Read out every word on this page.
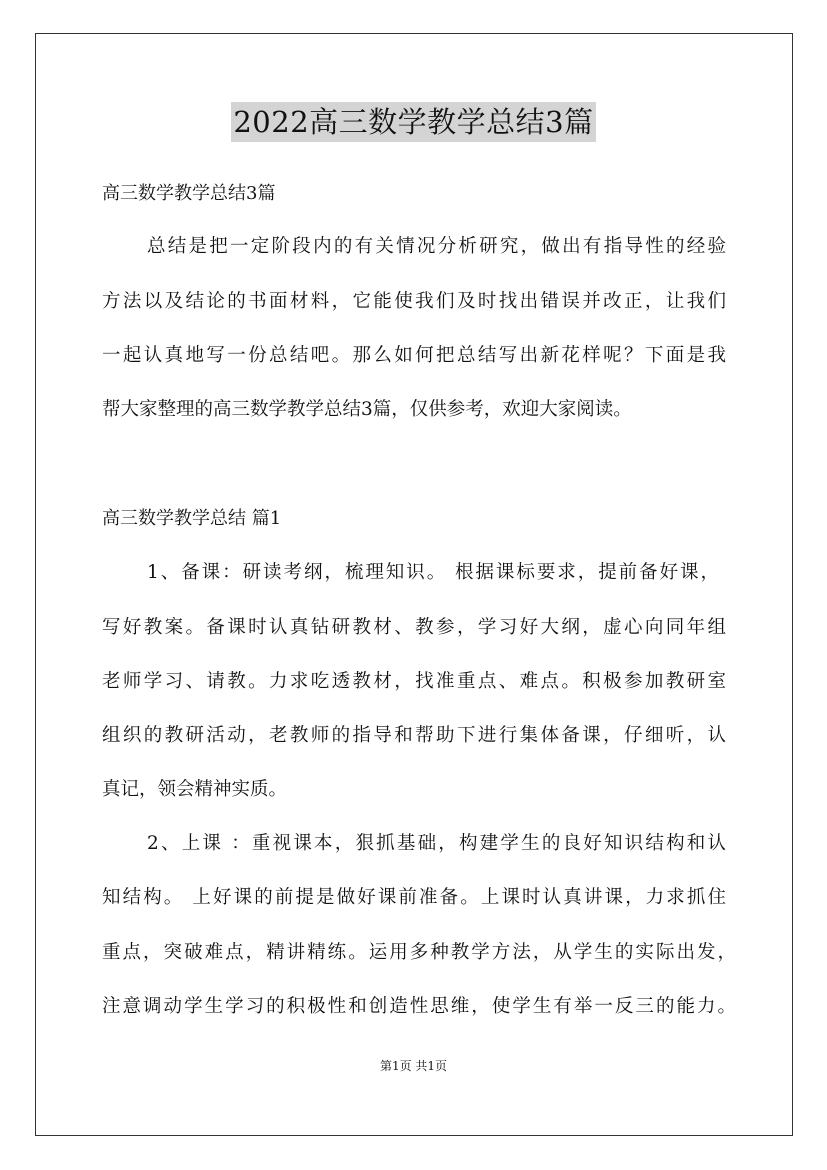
2022高三数学教学总结3篇
高三数学教学总结3篇
总结是把一定阶段内的有关情况分析研究，做出有指导性的经验
方法以及结论的书面材料，它能使我们及时找出错误并改正，让我们
一起认真地写一份总结吧。那么如何把总结写出新花样呢？下面是我
帮大家整理的高三数学教学总结3篇，仅供参考，欢迎大家阅读。
高三数学教学总结 篇1
1、备课：研读考纲，梳理知识。 根据课标要求，提前备好课，
写好教案。备课时认真钻研教材、教参，学习好大纲，虚心向同年组
老师学习、请教。力求吃透教材，找准重点、难点。积极参加教研室
组织的教研活动，老教师的指导和帮助下进行集体备课，仔细听，认
真记，领会精神实质。
2、上课 ：重视课本，狠抓基础，构建学生的良好知识结构和认
知结构。 上好课的前提是做好课前准备。上课时认真讲课，力求抓住
重点，突破难点，精讲精练。运用多种教学方法，从学生的实际出发，
注意调动学生学习的积极性和创造性思维，使学生有举一反三的能力。
第1页 共1页
